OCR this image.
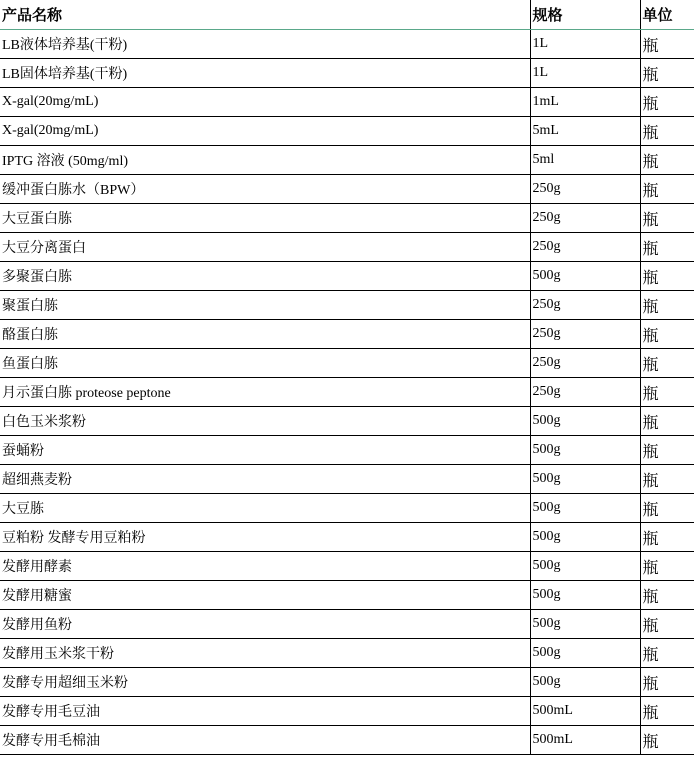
产品名称	规格	单位
LB液体培养基(干粉)	1L	瓶
LB固体培养基(干粉)	1L	瓶
X-gal(20mg/mL)	1mL	瓶
X-gal(20mg/mL)	5mL	瓶
IPTG 溶液 (50mg/ml)	5ml	瓶
缓冲蛋白胨水（BPW）	250g	瓶
大豆蛋白胨	250g	瓶
大豆分离蛋白	250g	瓶
多聚蛋白胨	500g	瓶
聚蛋白胨	250g	瓶
酪蛋白胨	250g	瓶
鱼蛋白胨	250g	瓶
月示蛋白胨 proteose peptone	250g	瓶
白色玉米浆粉	500g	瓶
蚕蛹粉	500g	瓶
超细燕麦粉	500g	瓶
大豆胨	500g	瓶
豆粕粉 发酵专用豆粕粉	500g	瓶
发酵用酵素	500g	瓶
发酵用糖蜜	500g	瓶
发酵用鱼粉	500g	瓶
发酵用玉米浆干粉	500g	瓶
发酵专用超细玉米粉	500g	瓶
发酵专用毛豆油	500mL	瓶
发酵专用毛棉油	500mL	瓶
